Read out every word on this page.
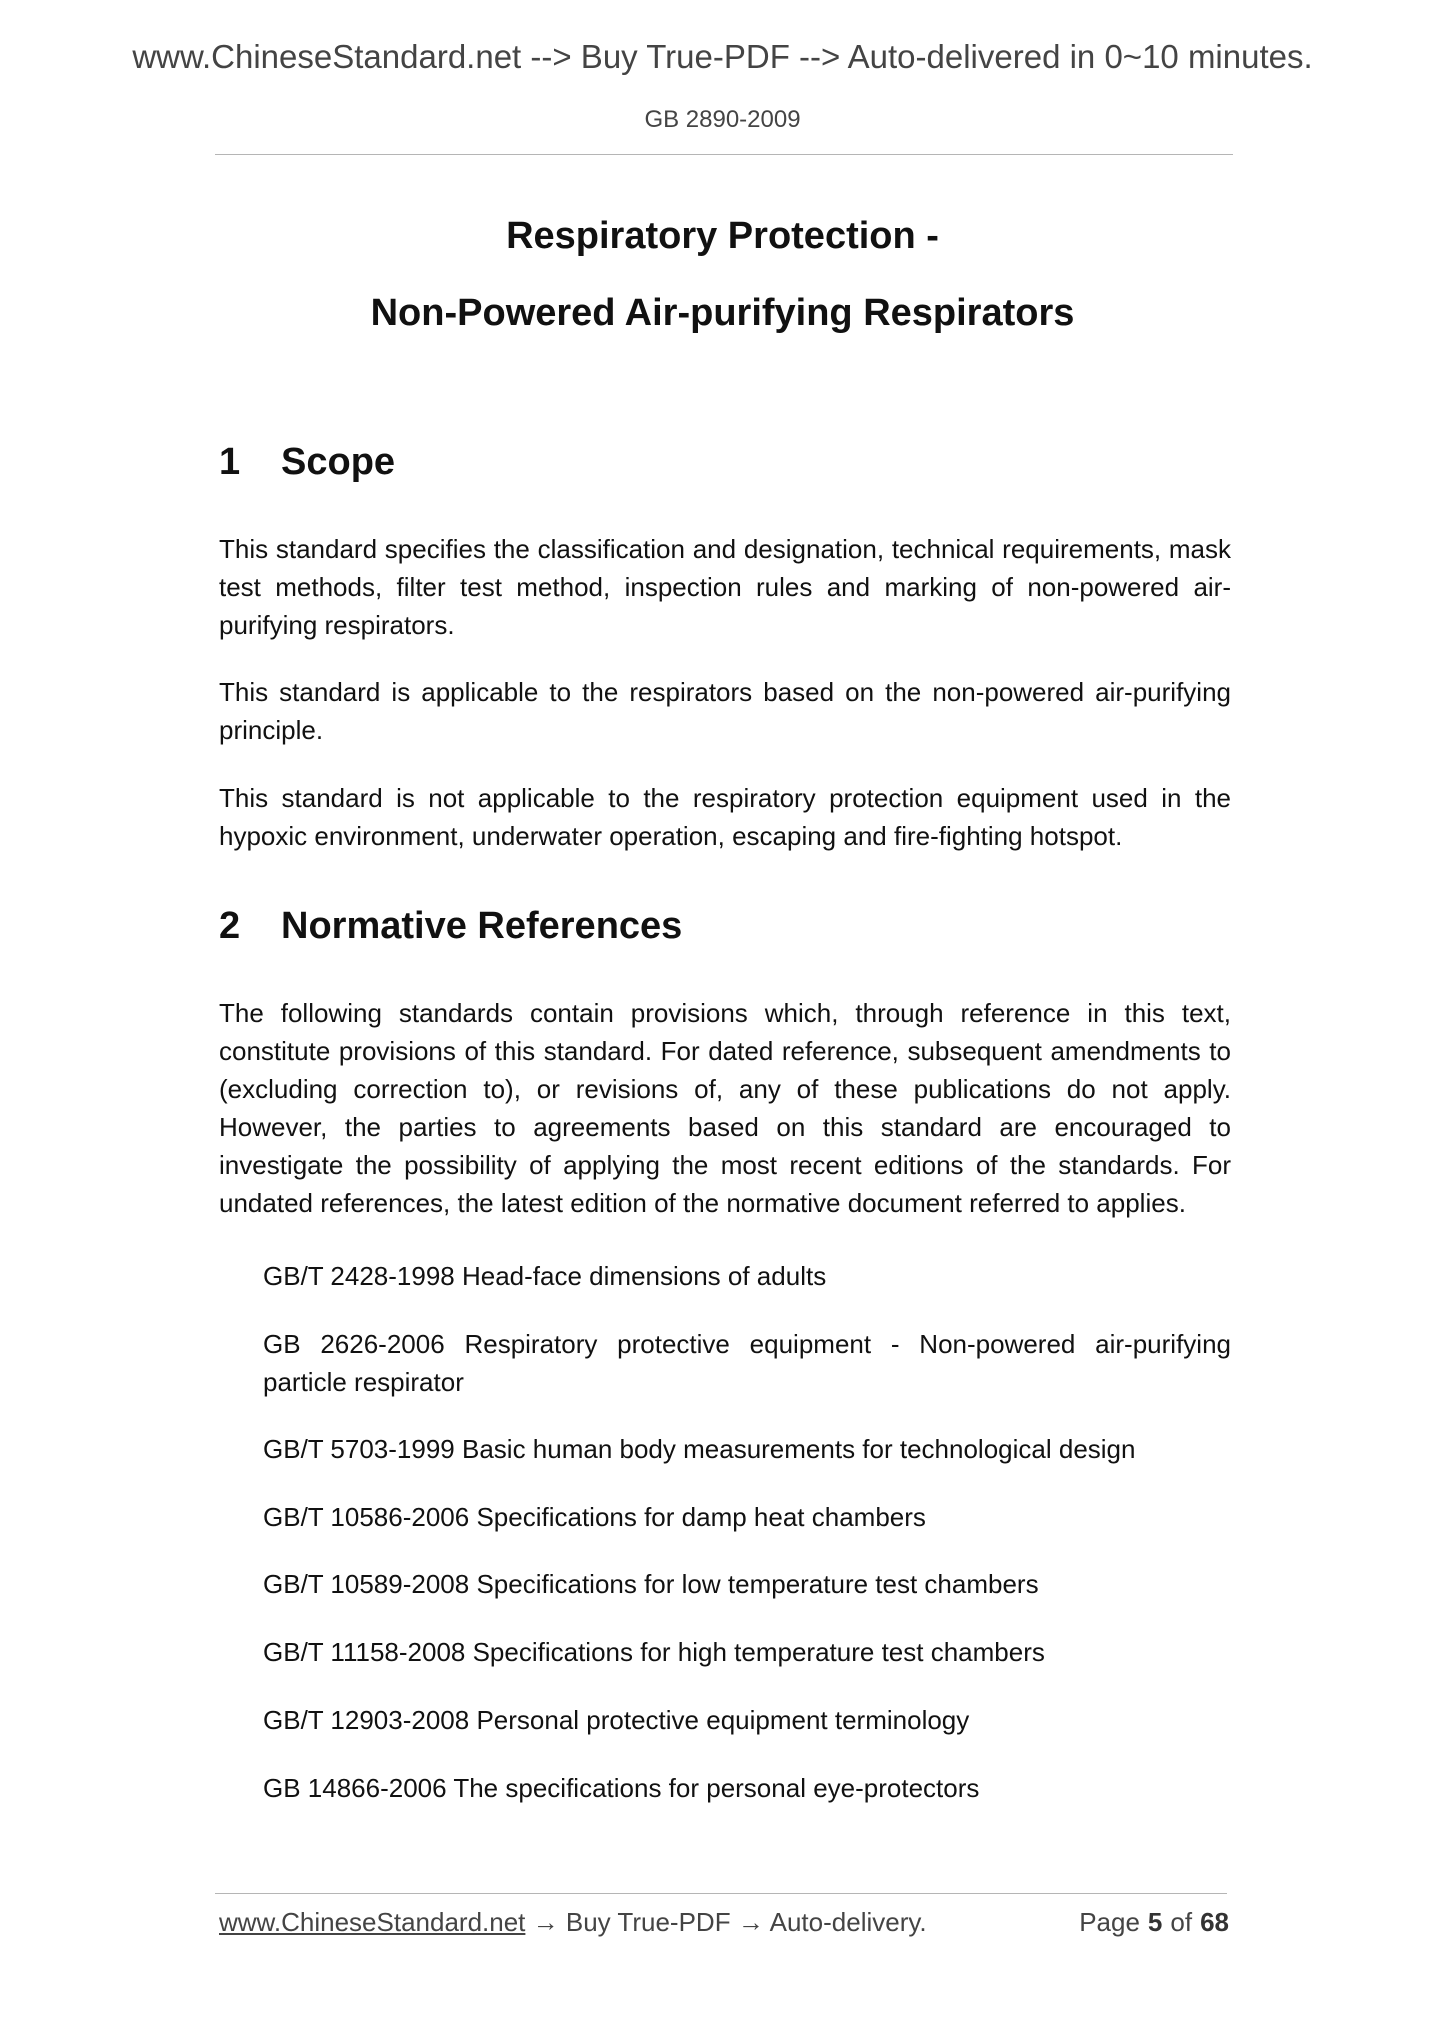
www.ChineseStandard.net --> Buy True-PDF --> Auto-delivered in 0~10 minutes.
GB 2890-2009
Respiratory Protection -
Non-Powered Air-purifying Respirators
1 Scope
This standard specifies the classification and designation, technical requirements, mask test methods, filter test method, inspection rules and marking of non-powered air-purifying respirators.
This standard is applicable to the respirators based on the non-powered air-purifying principle.
This standard is not applicable to the respiratory protection equipment used in the hypoxic environment, underwater operation, escaping and fire-fighting hotspot.
2 Normative References
The following standards contain provisions which, through reference in this text, constitute provisions of this standard. For dated reference, subsequent amendments to (excluding correction to), or revisions of, any of these publications do not apply. However, the parties to agreements based on this standard are encouraged to investigate the possibility of applying the most recent editions of the standards. For undated references, the latest edition of the normative document referred to applies.
GB/T 2428-1998 Head-face dimensions of adults
GB 2626-2006 Respiratory protective equipment - Non-powered air-purifying particle respirator
GB/T 5703-1999 Basic human body measurements for technological design
GB/T 10586-2006 Specifications for damp heat chambers
GB/T 10589-2008 Specifications for low temperature test chambers
GB/T 11158-2008 Specifications for high temperature test chambers
GB/T 12903-2008 Personal protective equipment terminology
GB 14866-2006 The specifications for personal eye-protectors
www.ChineseStandard.net → Buy True-PDF → Auto-delivery.	Page 5 of 68
